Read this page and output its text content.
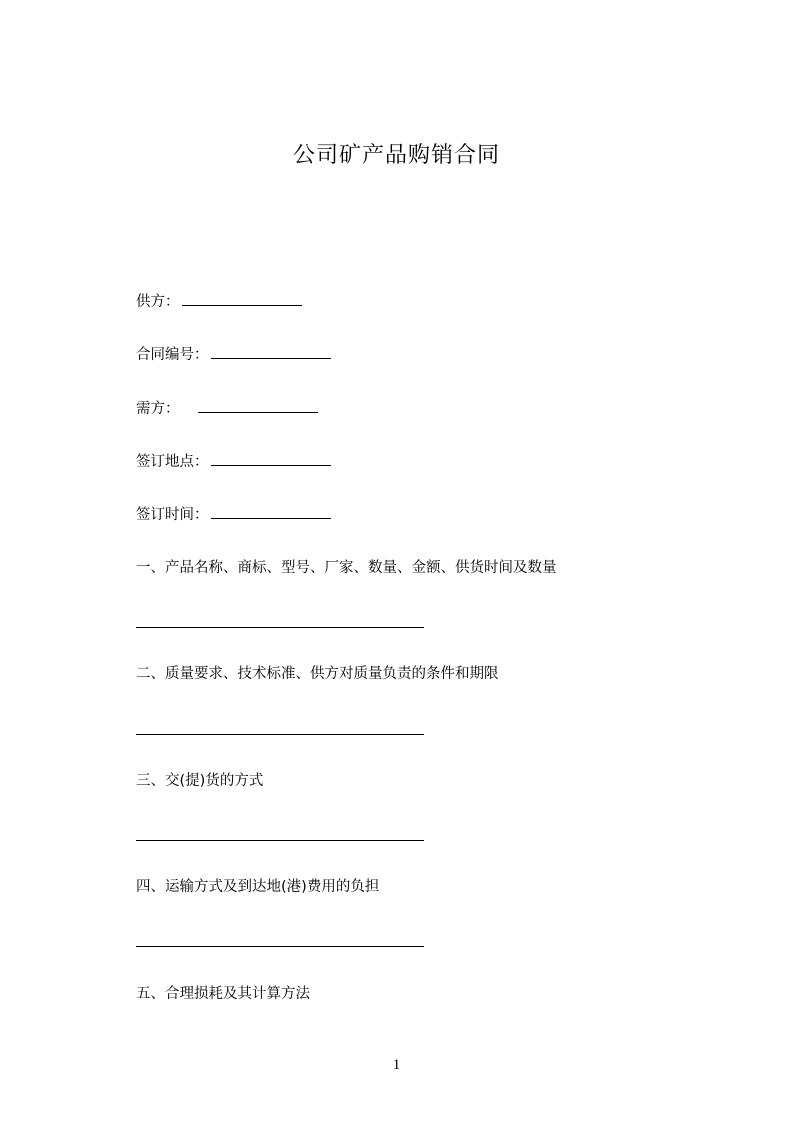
公司矿产品购销合同
供方：
合同编号：
需方：
签订地点：
签订时间：
一、产品名称、商标、型号、厂家、数量、金额、供货时间及数量
二、质量要求、技术标准、供方对质量负责的条件和期限
三、交(提)货的方式
四、运输方式及到达地(港)费用的负担
五、合理损耗及其计算方法
1
